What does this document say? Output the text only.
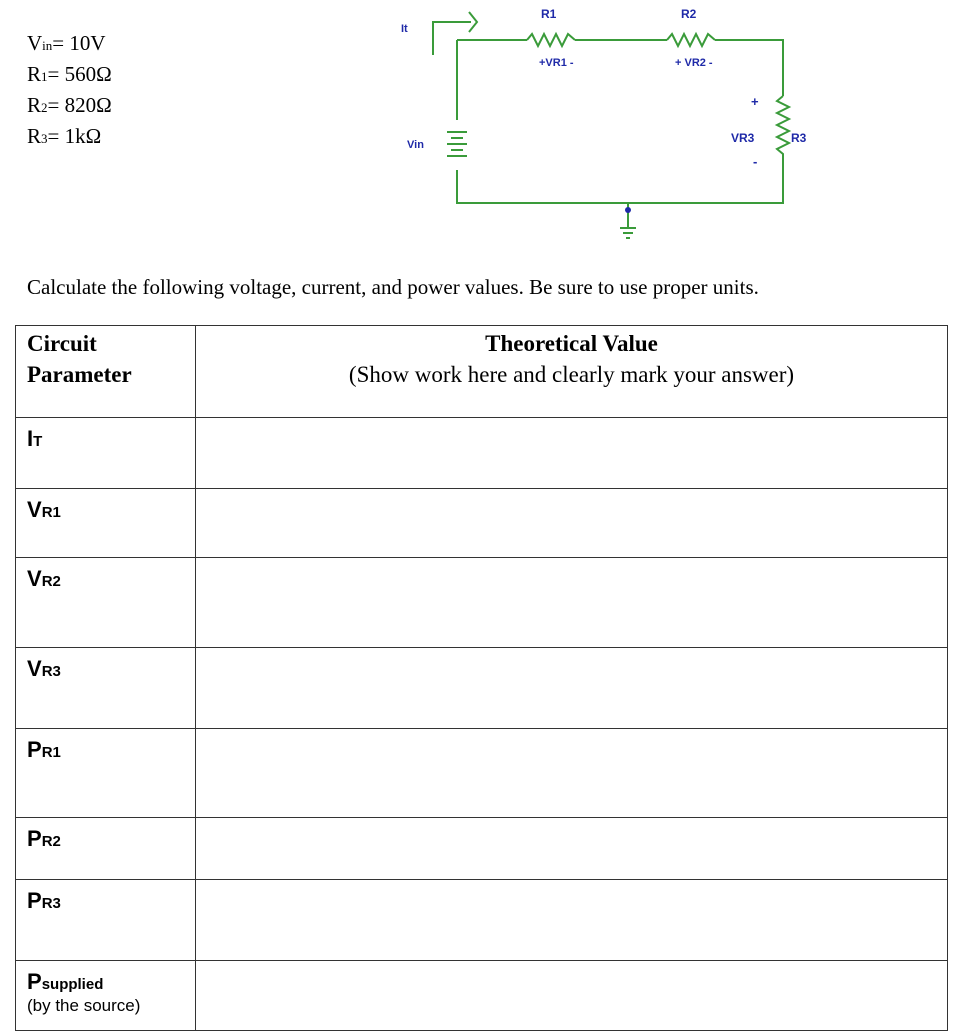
Vin= 10V
R1= 560Ω
R2= 820Ω
R3= 1kΩ
It
Vin
R1	R2
R3
+VR1 -	+ VR2 -
VR3
+
-
Calculate the following voltage, current, and power values. Be sure to use proper units.
Circuit
Parameter	Theoretical Value
(Show work here and clearly mark your answer)
IT	
VR1	
VR2	
VR3	
PR1	
PR2	
PR3	
Psupplied
(by the source)	
